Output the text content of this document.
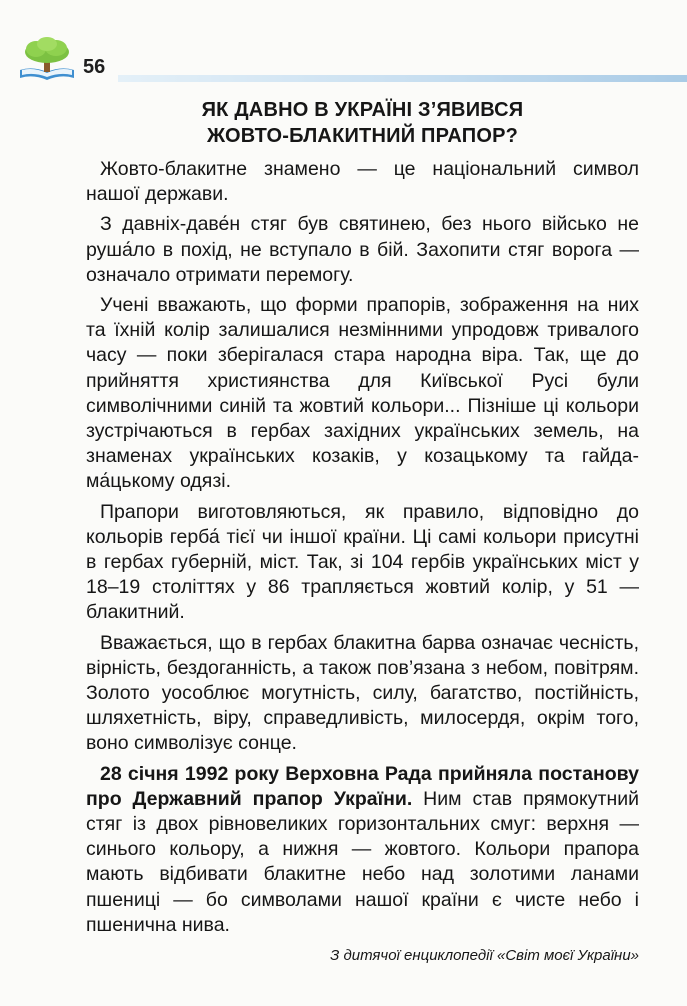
56
ЯК ДАВНО В УКРАЇНІ З’ЯВИВСЯ
ЖОВТО-БЛАКИТНИЙ ПРАПОР?

Жовто-блакитне знамено — це національний символ нашої держави.

З давніх-даве́н стяг був святинею, без нього військо не руша́ло в похід, не вступало в бій. Захопити стяг ворога — означало отримати перемогу.

Учені вважають, що форми прапорів, зображення на них та їхній колір залишалися незмінними упродовж тривалого часу — поки зберігалася стара народна віра. Так, ще до прийняття християнства для Київської Русі були символічними синій та жовтий кольори... Пізніше ці кольори зустрічаються в гербах західних українських земель, на знаменах українських козаків, у козацькому та гайдама́цькому одязі.

Прапори виготовляються, як правило, відповідно до кольорів герба́ тієї чи іншої країни. Ці самі кольори присутні в гербах губерній, міст. Так, зі 104 гербів українських міст у 18–19 століттях у 86 трапляється жовтий колір, у 51 — блакитний.

Вважається, що в гербах блакитна барва означає чесність, вірність, бездоганність, а також пов’язана з небом, повітрям. Золото уособлює могутність, силу, багатство, постійність, шляхетність, віру, справедливість, милосердя, окрім того, воно символізує сонце.

28 січня 1992 року Верховна Рада прийняла постанову про Державний прапор України. Ним став прямокутний стяг із двох рівновеликих горизонтальних смуг: верхня — синього кольору, а нижня — жовтого. Кольори прапора мають відбивати блакитне небо над золотими ланами пшениці — бо символами нашої країни є чисте небо і пшенична нива.

З дитячої енциклопедії «Світ моєї України»
